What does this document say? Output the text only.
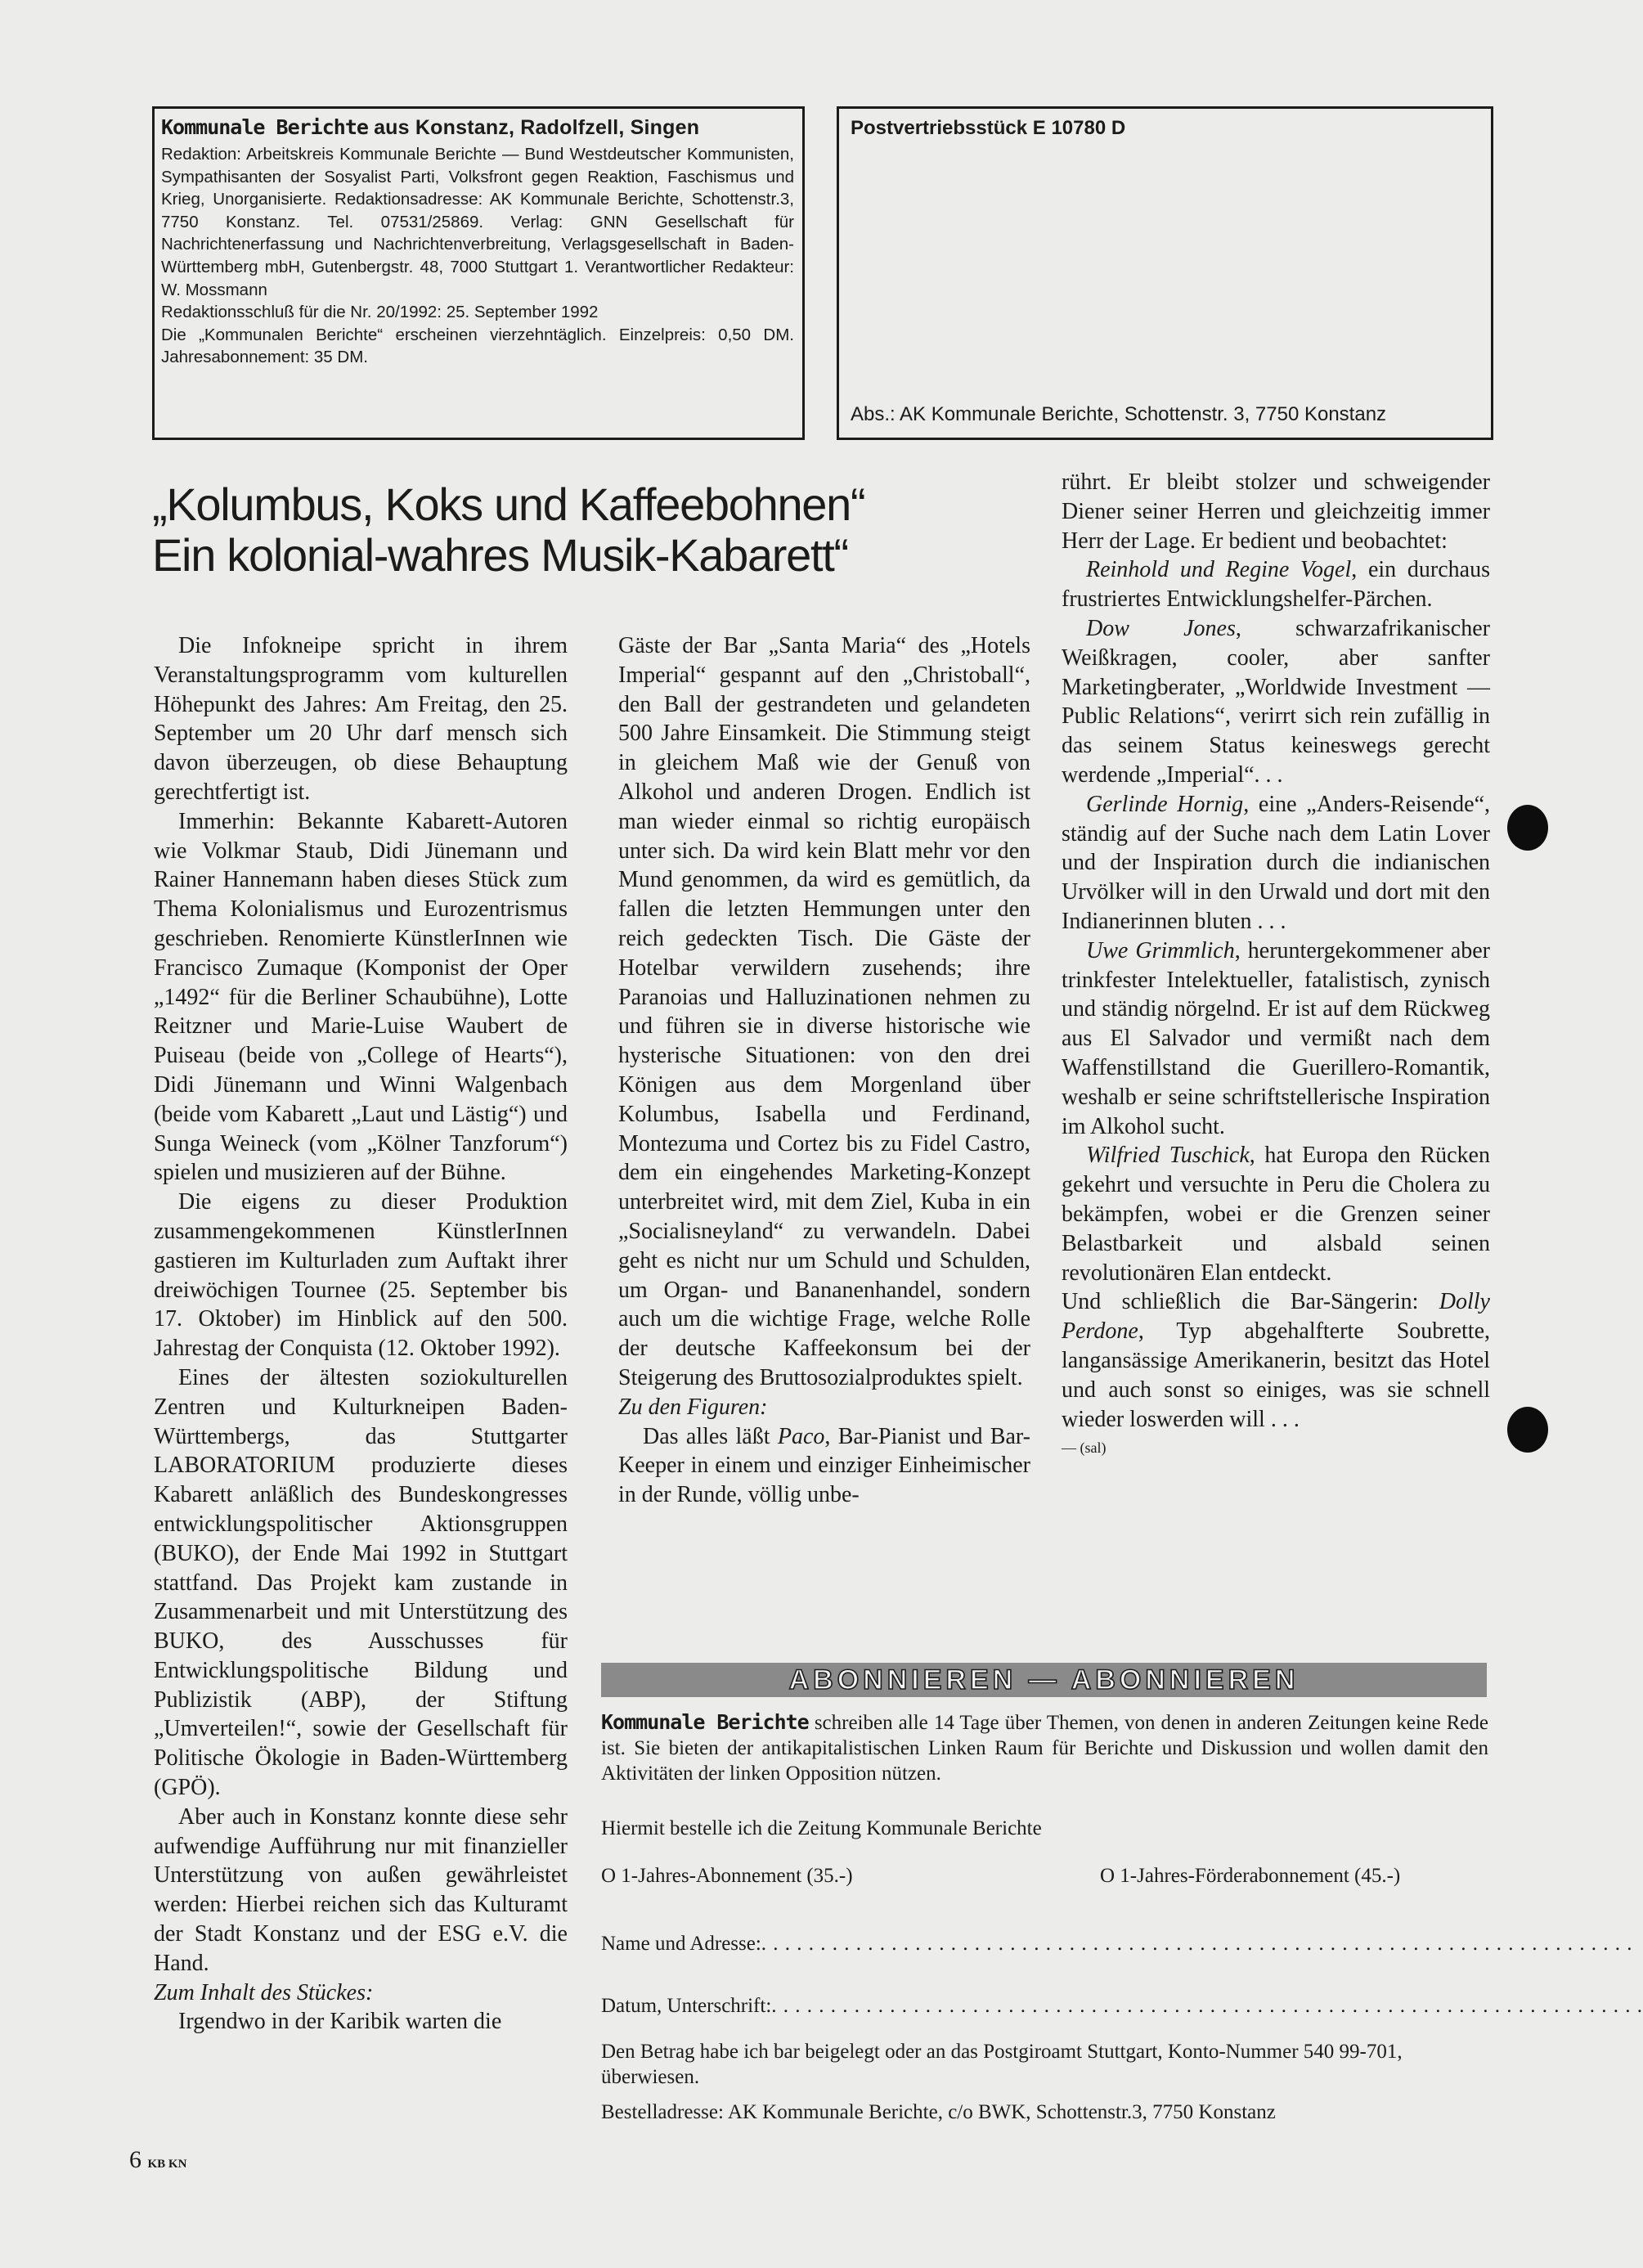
Kommunale Berichte aus Konstanz, Radolfzell, Singen
Redaktion: Arbeitskreis Kommunale Berichte — Bund Westdeutscher Kommunisten, Sympathisanten der Sosyalist Parti, Volksfront gegen Reaktion, Faschismus und Krieg, Unorganisierte. Redaktionsadresse: AK Kommunale Berichte, Schottenstr.3, 7750 Konstanz. Tel. 07531/25869. Verlag: GNN Gesellschaft für Nachrichtenerfassung und Nachrichtenverbreitung, Verlagsgesellschaft in Baden-Württemberg mbH, Gutenbergstr. 48, 7000 Stuttgart 1. Verantwortlicher Redakteur: W. Mossmann
Redaktionsschluß für die Nr. 20/1992: 25. September 1992
Die „Kommunalen Berichte“ erscheinen vierzehntäglich. Einzelpreis: 0,50 DM. Jahresabonnement: 35 DM.
Postvertriebsstück E 10780 D
Abs.: AK Kommunale Berichte, Schottenstr. 3, 7750 Konstanz
„Kolumbus, Koks und Kaffeebohnen“
Ein kolonial-wahres Musik-Kabarett“

Die Infokneipe spricht in ihrem Veranstaltungsprogramm vom kulturellen Höhepunkt des Jahres: Am Freitag, den 25. September um 20 Uhr darf mensch sich davon überzeugen, ob diese Behauptung gerechtfertigt ist.

Immerhin: Bekannte Kabarett-Autoren wie Volkmar Staub, Didi Jünemann und Rainer Hannemann haben dieses Stück zum Thema Kolonialismus und Eurozentrismus geschrieben. Renomierte KünstlerInnen wie Francisco Zumaque (Komponist der Oper „1492“ für die Berliner Schaubühne), Lotte Reitzner und Marie-Luise Waubert de Puiseau (beide von „College of Hearts“), Didi Jünemann und Winni Walgenbach (beide vom Kabarett „Laut und Lästig“) und Sunga Weineck (vom „Kölner Tanzforum“) spielen und musizieren auf der Bühne.

Die eigens zu dieser Produktion zusammengekommenen KünstlerInnen gastieren im Kulturladen zum Auftakt ihrer dreiwöchigen Tournee (25. September bis 17. Oktober) im Hinblick auf den 500. Jahrestag der Conquista (12. Oktober 1992).

Eines der ältesten soziokulturellen Zentren und Kulturkneipen Baden-Württembergs, das Stuttgarter LABORATORIUM produzierte dieses Kabarett anläßlich des Bundeskongresses entwicklungspolitischer Aktionsgruppen (BUKO), der Ende Mai 1992 in Stuttgart stattfand. Das Projekt kam zustande in Zusammenarbeit und mit Unterstützung des BUKO, des Ausschusses für Entwicklungspolitische Bildung und Publizistik (ABP), der Stiftung „Umverteilen!“, sowie der Gesellschaft für Politische Ökologie in Baden-Württemberg (GPÖ).

Aber auch in Konstanz konnte diese sehr aufwendige Aufführung nur mit finanzieller Unterstützung von außen gewährleistet werden: Hierbei reichen sich das Kulturamt der Stadt Konstanz und der ESG e.V. die Hand.

Zum Inhalt des Stückes:

Irgendwo in der Karibik warten die

Gäste der Bar „Santa Maria“ des „Hotels Imperial“ gespannt auf den „Christoball“, den Ball der gestrandeten und gelandeten 500 Jahre Einsamkeit. Die Stimmung steigt in gleichem Maß wie der Genuß von Alkohol und anderen Drogen. Endlich ist man wieder einmal so richtig europäisch unter sich. Da wird kein Blatt mehr vor den Mund genommen, da wird es gemütlich, da fallen die letzten Hemmungen unter den reich gedeckten Tisch. Die Gäste der Hotelbar verwildern zusehends; ihre Paranoias und Halluzinationen nehmen zu und führen sie in diverse historische wie hysterische Situationen: von den drei Königen aus dem Morgenland über Kolumbus, Isabella und Ferdinand, Montezuma und Cortez bis zu Fidel Castro, dem ein eingehendes Marketing-Konzept unterbreitet wird, mit dem Ziel, Kuba in ein „Socialisneyland“ zu verwandeln. Dabei geht es nicht nur um Schuld und Schulden, um Organ- und Bananenhandel, sondern auch um die wichtige Frage, welche Rolle der deutsche Kaffeekonsum bei der Steigerung des Bruttosozialproduktes spielt.

Zu den Figuren:

Das alles läßt Paco, Bar-Pianist und Bar-Keeper in einem und einziger Einheimischer in der Runde, völlig unbe-

rührt. Er bleibt stolzer und schweigender Diener seiner Herren und gleichzeitig immer Herr der Lage. Er bedient und beobachtet:

Reinhold und Regine Vogel, ein durchaus frustriertes Entwicklungshelfer-Pärchen.

Dow Jones, schwarzafrikanischer Weißkragen, cooler, aber sanfter Marketingberater, „Worldwide Investment — Public Relations“, verirrt sich rein zufällig in das seinem Status keineswegs gerecht werdende „Imperial“. . .

Gerlinde Hornig, eine „Anders-Reisende“, ständig auf der Suche nach dem Latin Lover und der Inspiration durch die indianischen Urvölker will in den Urwald und dort mit den Indianerinnen bluten . . .

Uwe Grimmlich, heruntergekommener aber trinkfester Intelektueller, fatalistisch, zynisch und ständig nörgelnd. Er ist auf dem Rückweg aus El Salvador und vermißt nach dem Waffenstillstand die Guerillero-Romantik, weshalb er seine schriftstellerische Inspiration im Alkohol sucht.

Wilfried Tuschick, hat Europa den Rücken gekehrt und versuchte in Peru die Cholera zu bekämpfen, wobei er die Grenzen seiner Belastbarkeit und alsbald seinen revolutionären Elan entdeckt.

Und schließlich die Bar-Sängerin: Dolly Perdone, Typ abgehalfterte Soubrette, langansässige Amerikanerin, besitzt das Hotel und auch sonst so einiges, was sie schnell wieder loswerden will . . .

— (sal)

ABONNIEREN — ABONNIEREN
Kommunale Berichte schreiben alle 14 Tage über Themen, von denen in anderen Zeitungen keine Rede ist. Sie bieten der antikapitalistischen Linken Raum für Berichte und Diskussion und wollen damit den Aktivitäten der linken Opposition nützen.
Hiermit bestelle ich die Zeitung Kommunale Berichte
O 1-Jahres-Abonnement (35.-)	O 1-Jahres-Förderabonnement (45.-)
Name und Adresse:. . . . . . . . . . . . . . . . . . . . . . . . . . . . . . . . . . . . . . . . . . . . . . . . . . . . . . . . . . . . . . . . . . . . . . . . . .
Datum, Unterschrift:. . . . . . . . . . . . . . . . . . . . . . . . . . . . . . . . . . . . . . . . . . . . . . . . . . . . . . . . . . . . . . . . . . . . . . . . . .
Den Betrag habe ich bar beigelegt oder an das Postgiroamt Stuttgart, Konto-Nummer 540 99-701, überwiesen.
Bestelladresse: AK Kommunale Berichte, c/o BWK, Schottenstr.3, 7750 Konstanz
6 KB KN
